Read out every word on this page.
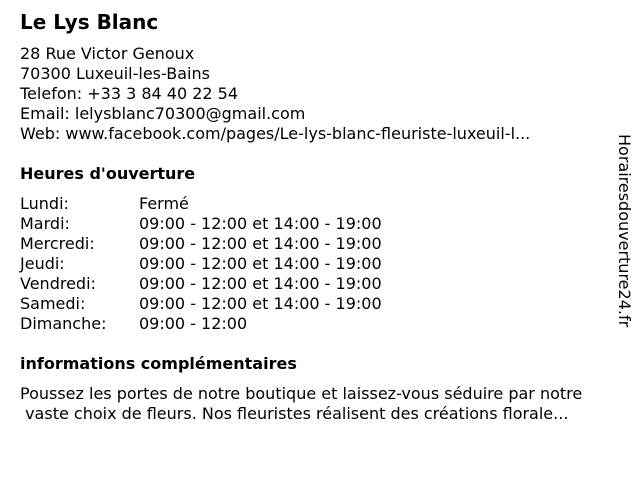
Le Lys Blanc
28 Rue Victor Genoux
70300 Luxeuil-les-Bains
Telefon: +33 3 84 40 22 54
Email: lelysblanc70300@gmail.com
Web: www.facebook.com/pages/Le-lys-blanc-fleuriste-luxeuil-l...
Heures d'ouverture
Lundi:	Fermé
Mardi:	09:00 - 12:00 et 14:00 - 19:00
Mercredi:	09:00 - 12:00 et 14:00 - 19:00
Jeudi:	09:00 - 12:00 et 14:00 - 19:00
Vendredi:	09:00 - 12:00 et 14:00 - 19:00
Samedi:	09:00 - 12:00 et 14:00 - 19:00
Dimanche:	09:00 - 12:00
informations complémentaires
Poussez les portes de notre boutique et laissez-vous séduire par notre
vaste choix de fleurs. Nos fleuristes réalisent des créations florale...
Horairesdouverture24.fr
